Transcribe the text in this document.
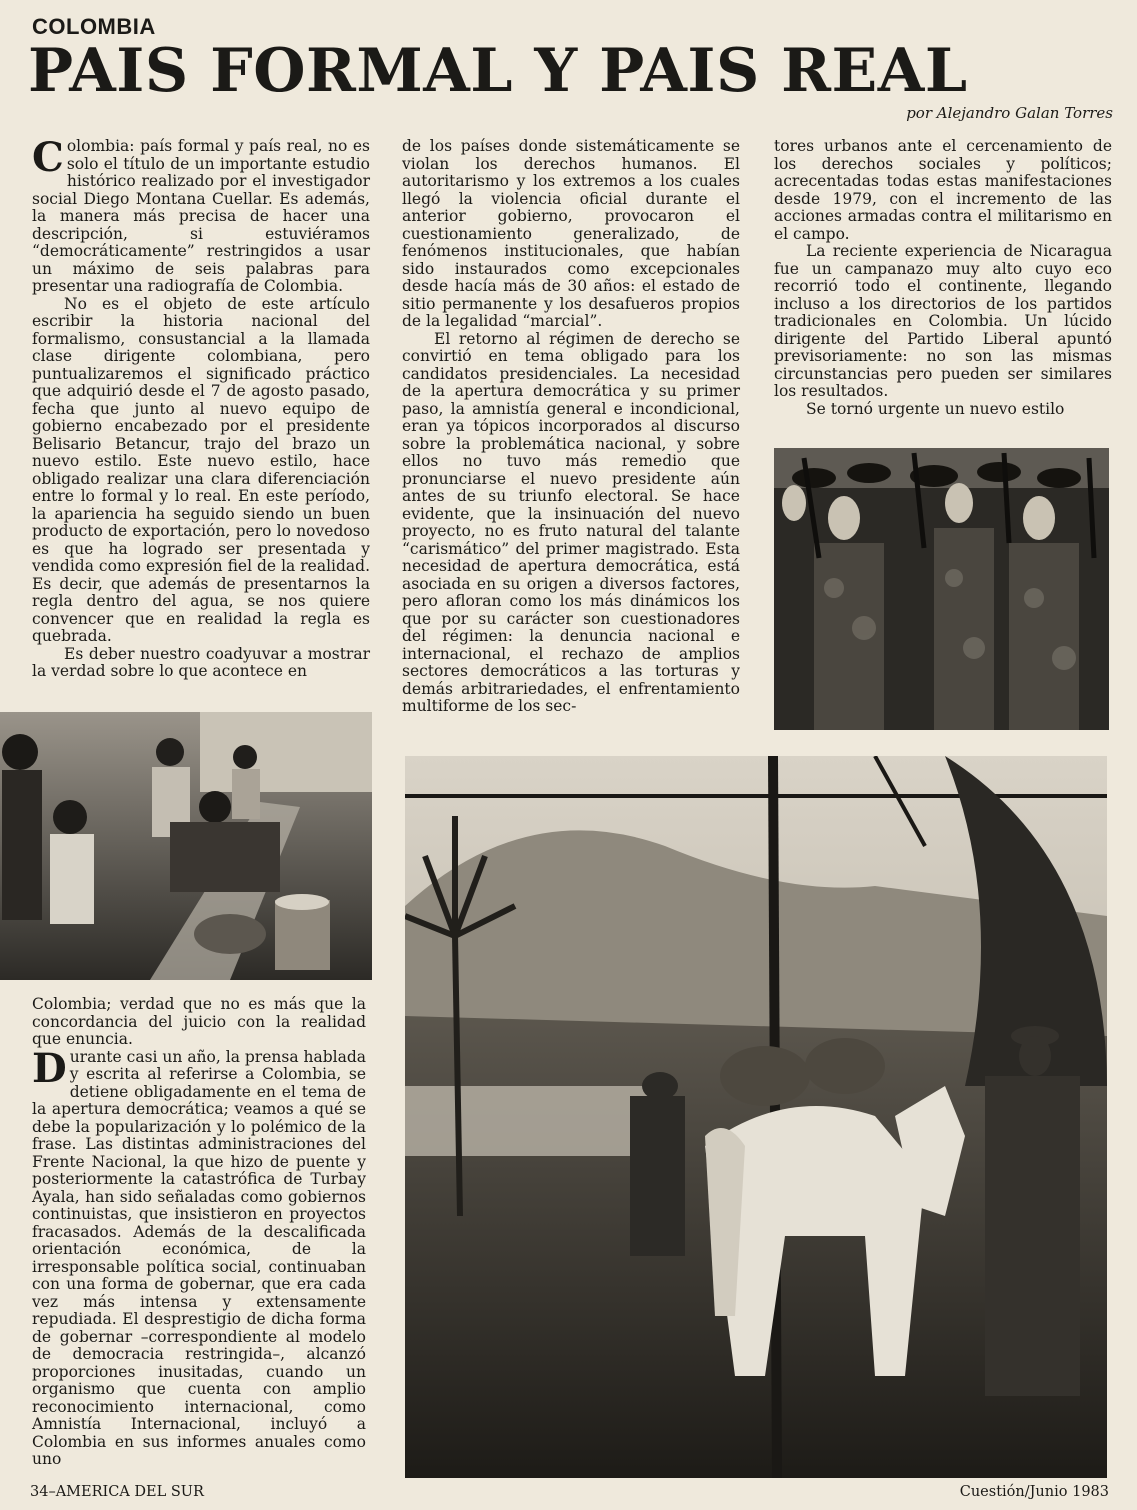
COLOMBIA
PAIS FORMAL Y PAIS REAL
por Alejandro Galan Torres

Colombia: país formal y país real, no es solo el título de un importante estudio histórico realizado por el investigador social Diego Montana Cuellar. Es además, la manera más precisa de hacer una descripción, si estuviéramos “democráticamente” restringidos a usar un máximo de seis palabras para presentar una radiografía de Colombia.

No es el objeto de este artículo escribir la historia nacional del formalismo, consustancial a la llamada clase dirigente colombiana, pero puntualizaremos el significado práctico que adquirió desde el 7 de agosto pasado, fecha que junto al nuevo equipo de gobierno encabezado por el presidente Belisario Betancur, trajo del brazo un nuevo estilo. Este nuevo estilo, hace obligado realizar una clara diferenciación entre lo formal y lo real. En este período, la apariencia ha seguido siendo un buen producto de exportación, pero lo novedoso es que ha logrado ser presentada y vendida como expresión fiel de la realidad. Es decir, que además de presentarnos la regla dentro del agua, se nos quiere convencer que en realidad la regla es quebrada.

Es deber nuestro coadyuvar a mostrar la verdad sobre lo que acontece en

Colombia; verdad que no es más que la concordancia del juicio con la realidad que enuncia.

Durante casi un año, la prensa hablada y escrita al referirse a Colombia, se detiene obligadamente en el tema de la apertura democrática; veamos a qué se debe la popularización y lo polémico de la frase. Las distintas administraciones del Frente Nacional, la que hizo de puente y posteriormente la catastrófica de Turbay Ayala, han sido señaladas como gobiernos continuistas, que insistieron en proyectos fracasados. Además de la descalificada orientación económica, de la irresponsable política social, continuaban con una forma de gobernar, que era cada vez más intensa y extensamente repudiada. El desprestigio de dicha forma de gobernar –correspondiente al modelo de democracia restringida–, alcanzó proporciones inusitadas, cuando un organismo que cuenta con amplio reconocimiento internacional, como Amnistía Internacional, incluyó a Colombia en sus informes anuales como uno

de los países donde sistemáticamente se violan los derechos humanos. El autoritarismo y los extremos a los cuales llegó la violencia oficial durante el anterior gobierno, provocaron el cuestionamiento generalizado, de fenómenos institucionales, que habían sido instaurados como excepcionales desde hacía más de 30 años: el estado de sitio permanente y los desafueros propios de la legalidad “marcial”.

El retorno al régimen de derecho se convirtió en tema obligado para los candidatos presidenciales. La necesidad de la apertura democrática y su primer paso, la amnistía general e incondicional, eran ya tópicos incorporados al discurso sobre la problemática nacional, y sobre ellos no tuvo más remedio que pronunciarse el nuevo presidente aún antes de su triunfo electoral. Se hace evidente, que la insinuación del nuevo proyecto, no es fruto natural del talante “carismático” del primer magistrado. Esta necesidad de apertura democrática, está asociada en su origen a diversos factores, pero afloran como los más dinámicos los que por su carácter son cuestionadores del régimen: la denuncia nacional e internacional, el rechazo de amplios sectores democráticos a las torturas y demás arbitrariedades, el enfrentamiento multiforme de los sec-

tores urbanos ante el cercenamiento de los derechos sociales y políticos; acrecentadas todas estas manifestaciones desde 1979, con el incremento de las acciones armadas contra el militarismo en el campo.

La reciente experiencia de Nicaragua fue un campanazo muy alto cuyo eco recorrió todo el continente, llegando incluso a los directorios de los partidos tradicionales en Colombia. Un lúcido dirigente del Partido Liberal apuntó previsoriamente: no son las mismas circunstancias pero pueden ser similares los resultados.

Se tornó urgente un nuevo estilo

34–AMERICA DEL SUR	Cuestión/Junio 1983
